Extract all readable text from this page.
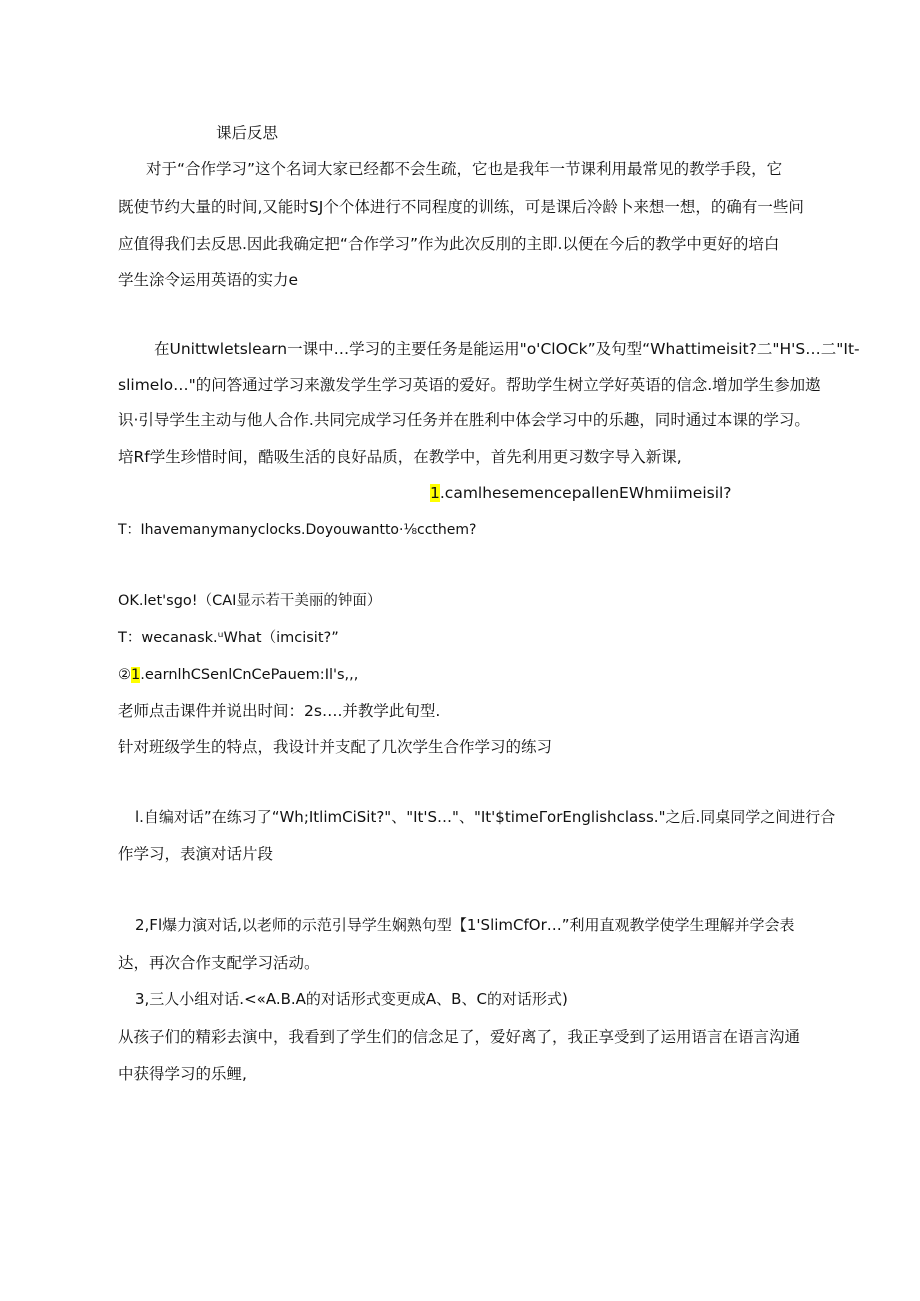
课后反思
对于“合作学习”这个名词大家已经都不会生疏，它也是我年一节课利用最常见的教学手段，它
既使节约大量的时间,又能时SJ个个体进行不同程度的训练，可是课后冷龄卜来想一想，的确有一些问
应值得我们去反思.因此我确定把“合作学习”作为此次反刖的主即.以便在今后的教学中更好的培白
学生涂令运用英语的实力e
在Unittwletslearn一课中…学习的主要任务是能运用"o'ClOCk”及句型“Whattimeisit?二"H'S…二"It-
slimelo…"的问答通过学习来激发学生学习英语的爱好。帮助学生树立学好英语的信念.增加学生参加遨
识·引导学生主动与他人合作.共同完成学习任务并在胜利中体会学习中的乐趣，同时通过本课的学习。
培Rf学生珍惜时间，酷吸生活的良好品质，在教学中，首先利用更习数字导入新课,
1.camlhesemencepallenEWhmiimeisil?
T：Ihavemanymanyclocks.Doyouwantto·⅛ccthem?
OK.let'sgo!（CAI显示若干美丽的钟面）
T：wecanask.ᵘWhat（imcisit?”
②1.earnlhCSenlCnCePauem:Il's,,,
老师点击课件并说出时间：2s….并教学此旬型.
针对班级学生的特点，我设计并支配了几次学生合作学习的练习
l.自编对话”在练习了“Wh;ItlimCiSit?"、"It'S…"、"It'$timeΓorEnglishclass."之后.同桌同学之间进行合
作学习，表演对话片段
2,Fl爆力演对话,以老师的示范引导学生娴熟句型【1'SlimCfOr…”利用直观教学使学生理解并学会表
达，再次合作支配学习活动。
3,三人小组对话.<«A.B.A的对话形式变更成A、B、C的对话形式)
从孩子们的精彩去演中，我看到了学生们的信念足了，爱好离了，我正享受到了运用语言在语言沟通
中获得学习的乐鲤,
